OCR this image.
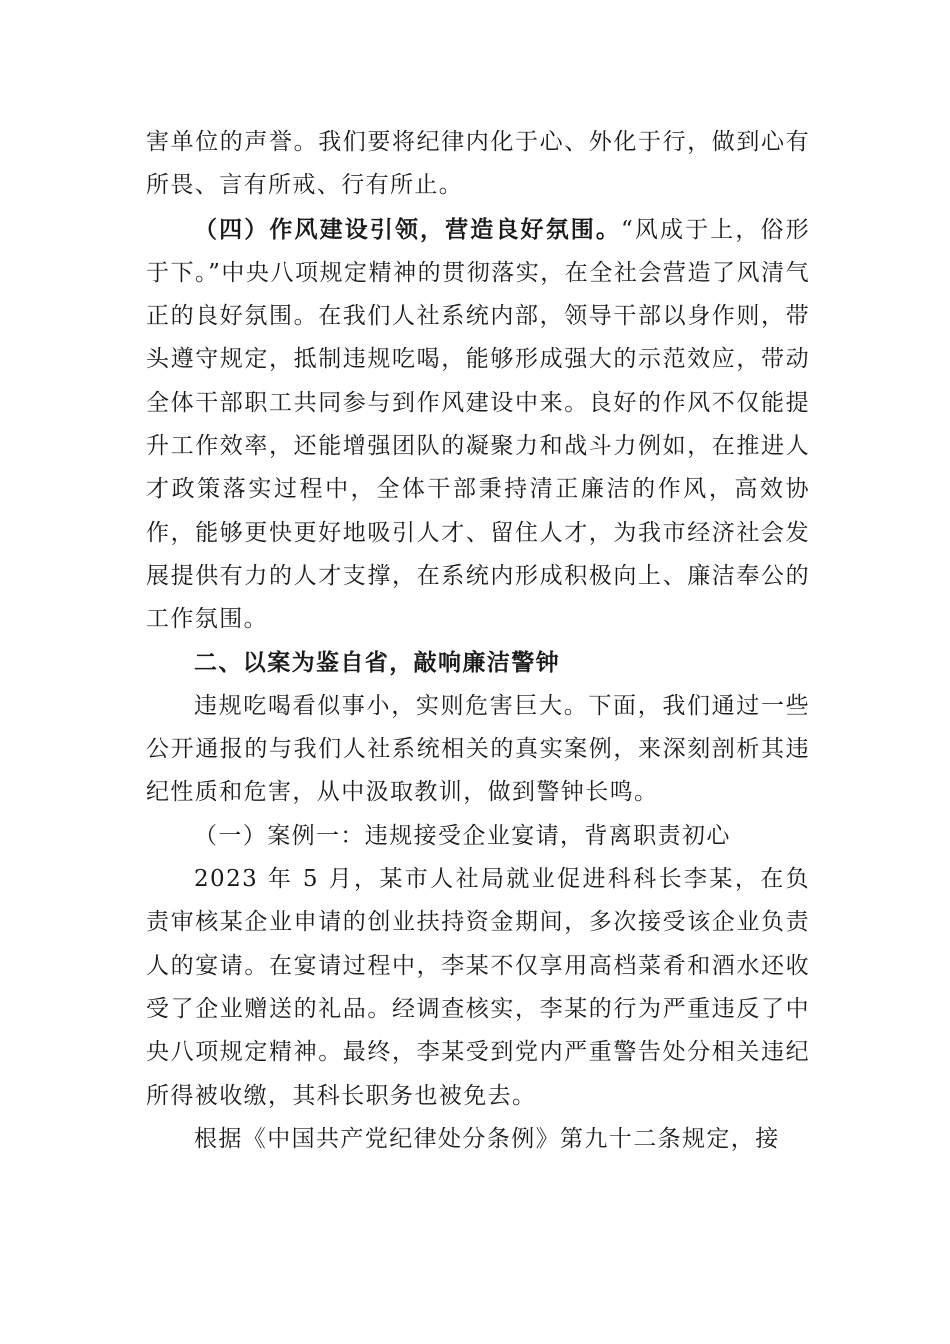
害单位的声誉。我们要将纪律内化于心、外化于行，做到心有所畏、言有所戒、行有所止。

（四）作风建设引领，营造良好氛围。“风成于上，俗形于下。”中央八项规定精神的贯彻落实，在全社会营造了风清气正的良好氛围。在我们人社系统内部，领导干部以身作则，带头遵守规定，抵制违规吃喝，能够形成强大的示范效应，带动全体干部职工共同参与到作风建设中来。良好的作风不仅能提升工作效率，还能增强团队的凝聚力和战斗力例如，在推进人才政策落实过程中，全体干部秉持清正廉洁的作风，高效协作，能够更快更好地吸引人才、留住人才，为我市经济社会发展提供有力的人才支撑，在系统内形成积极向上、廉洁奉公的工作氛围。

二、以案为鉴自省，敲响廉洁警钟

违规吃喝看似事小，实则危害巨大。下面，我们通过一些公开通报的与我们人社系统相关的真实案例，来深刻剖析其违纪性质和危害，从中汲取教训，做到警钟长鸣。

（一）案例一：违规接受企业宴请，背离职责初心

2023 年 5 月，某市人社局就业促进科科长李某，在负责审核某企业申请的创业扶持资金期间，多次接受该企业负责人的宴请。在宴请过程中，李某不仅享用高档菜肴和酒水还收受了企业赠送的礼品。经调查核实，李某的行为严重违反了中央八项规定精神。最终，李某受到党内严重警告处分相关违纪所得被收缴，其科长职务也被免去。

根据《中国共产党纪律处分条例》第九十二条规定，接
